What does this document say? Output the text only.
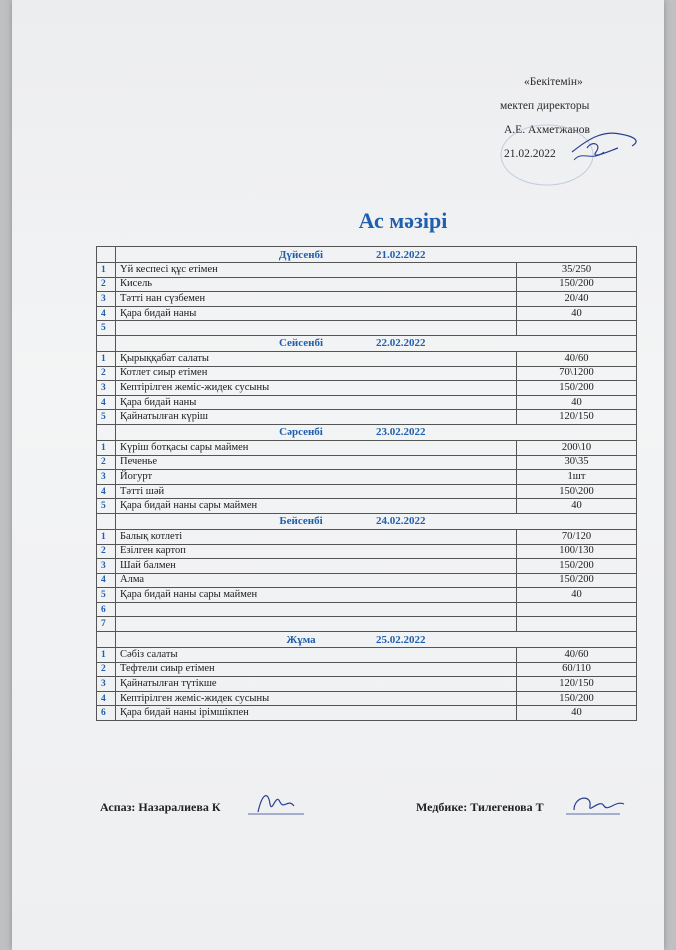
«Бекітемін»
мектеп директоры
А.Е. Ахметжанов
21.02.2022
Ас мәзірі
	Дүйсенбі 21.02.2022	
1	Үй кеспесі құс етімен	35/250
2	Кисель	150/200
3	Тәтті нан сүзбемен	20/40
4	Қара бидай наны	40
5		
	Сейсенбі 22.02.2022	
1	Қырыққабат салаты	40/60
2	Котлет сиыр етімен	70\1200
3	Кептірілген жеміс-жидек сусыны	150/200
4	Қара бидай наны	40
5	Қайнатылған күріш	120/150
	Сәрсенбі 23.02.2022	
1	Күріш ботқасы сары маймен	200\10
2	Печенье	30\35
3	Йогурт	1шт
4	Тәтті шәй	150\200
5	Қара бидай наны сары маймен	40
	Бейсенбі 24.02.2022	
1	Балық котлеті	70/120
2	Езілген картоп	100/130
3	Шай балмен	150/200
4	Алма	150/200
5	Қара бидай наны сары маймен	40
6		
7		
	Жұма 25.02.2022	
1	Сәбіз салаты	40/60
2	Тефтели сиыр етімен	60/110
3	Қайнатылған түтікше	120/150
4	Кептірілген жеміс-жидек сусыны	150/200
6	Қара бидай наны ірімшікпен	40
Аспаз: Назаралиева К	Медбике: Тилегенова Т
